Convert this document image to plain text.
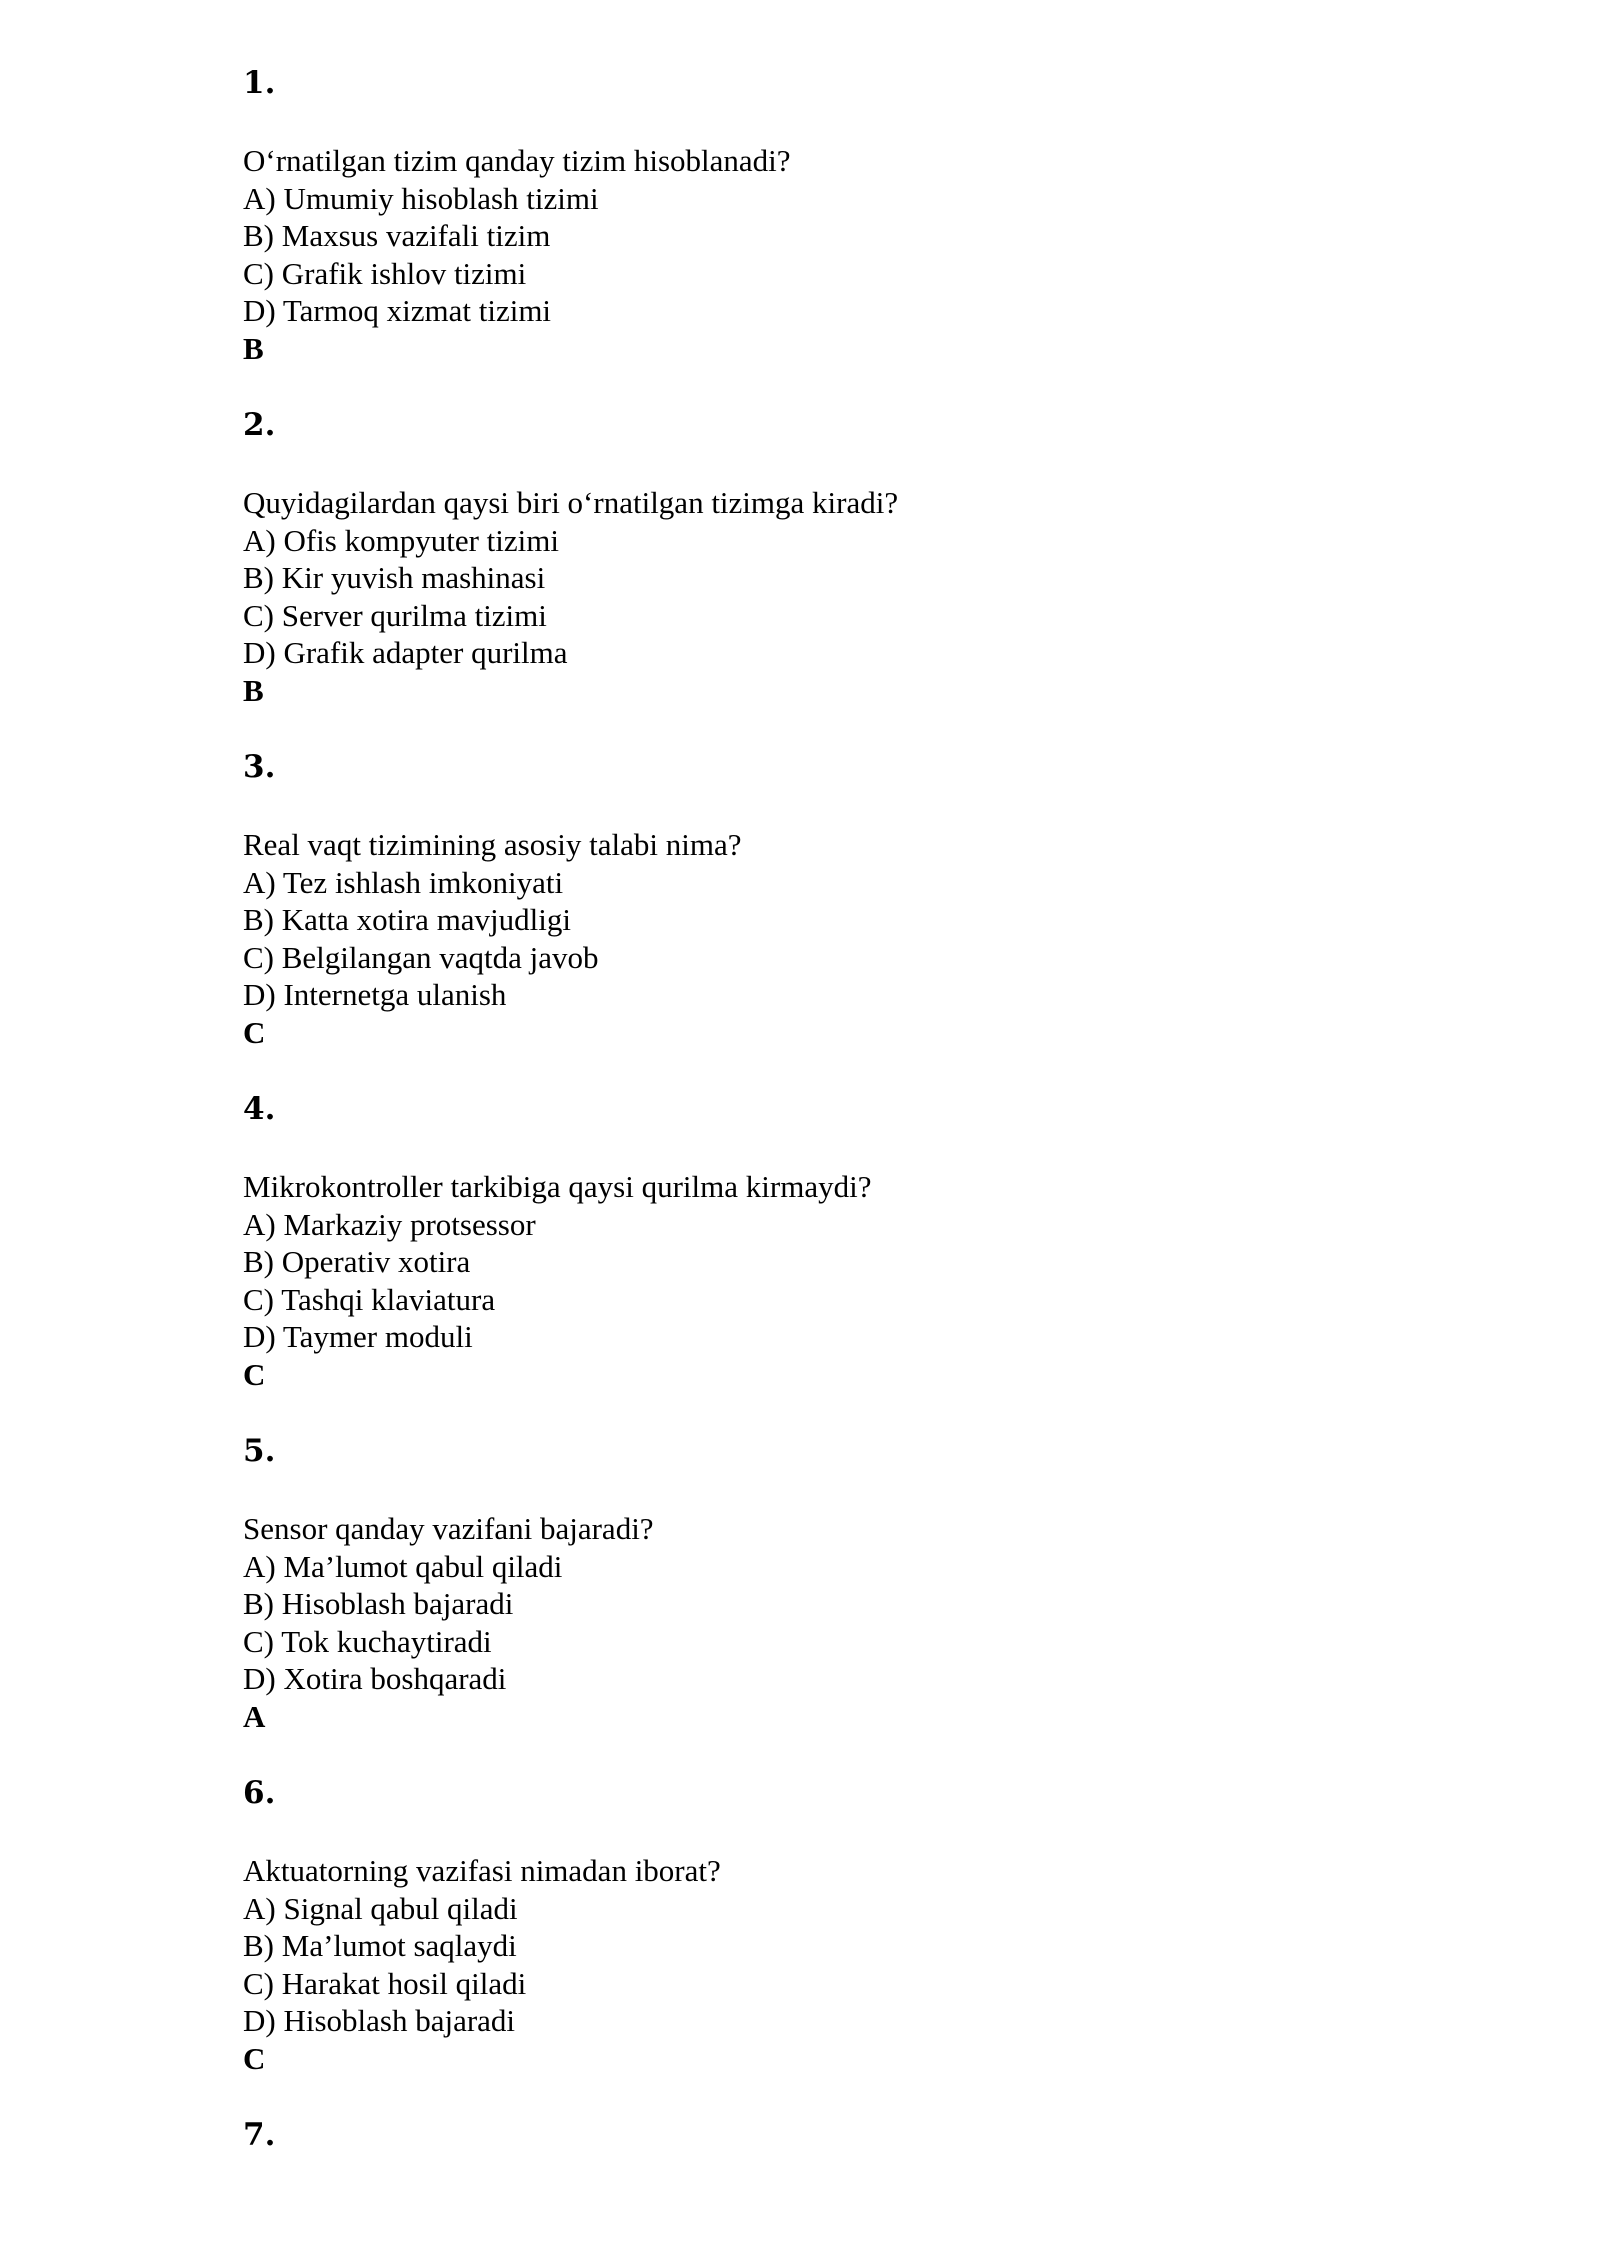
1.
O‘rnatilgan tizim qanday tizim hisoblanadi?
A) Umumiy hisoblash tizimi
B) Maxsus vazifali tizim
C) Grafik ishlov tizimi
D) Tarmoq xizmat tizimi
B
2.
Quyidagilardan qaysi biri o‘rnatilgan tizimga kiradi?
A) Ofis kompyuter tizimi
B) Kir yuvish mashinasi
C) Server qurilma tizimi
D) Grafik adapter qurilma
B
3.
Real vaqt tizimining asosiy talabi nima?
A) Tez ishlash imkoniyati
B) Katta xotira mavjudligi
C) Belgilangan vaqtda javob
D) Internetga ulanish
C
4.
Mikrokontroller tarkibiga qaysi qurilma kirmaydi?
A) Markaziy protsessor
B) Operativ xotira
C) Tashqi klaviatura
D) Taymer moduli
C
5.
Sensor qanday vazifani bajaradi?
A) Ma’lumot qabul qiladi
B) Hisoblash bajaradi
C) Tok kuchaytiradi
D) Xotira boshqaradi
A
6.
Aktuatorning vazifasi nimadan iborat?
A) Signal qabul qiladi
B) Ma’lumot saqlaydi
C) Harakat hosil qiladi
D) Hisoblash bajaradi
C
7.
